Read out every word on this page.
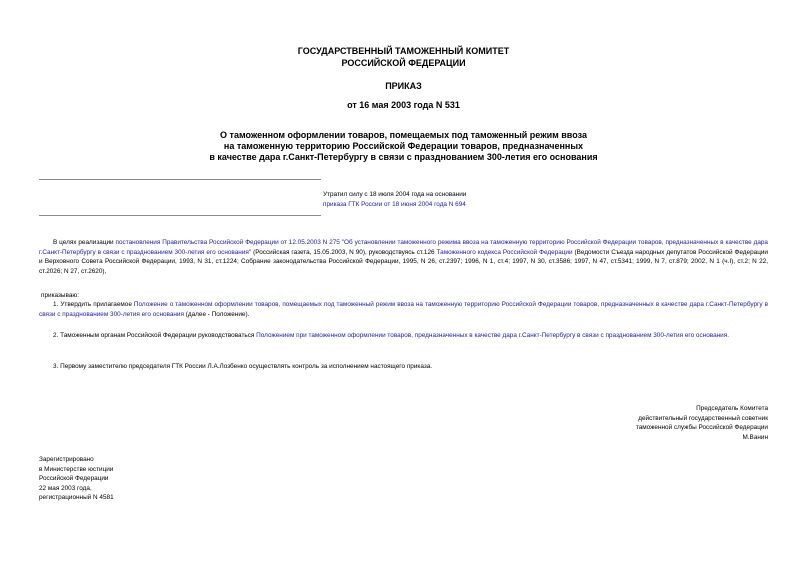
ГОСУДАРСТВЕННЫЙ ТАМОЖЕННЫЙ КОМИТЕТ
РОССИЙСКОЙ ФЕДЕРАЦИИ
ПРИКАЗ
от 16 мая 2003 года N 531
О таможенном оформлении товаров, помещаемых под таможенный режим ввоза
на таможенную территорию Российской Федерации товаров, предназначенных
в качестве дара г.Санкт-Петербургу в связи с празднованием 300-летия его основания
Утратил силу с 18 июля 2004 года на основании
приказа ГТК России от 18 июня 2004 года N 694
В целях реализации постановления Правительства Российской Федерации от 12.05.2003 N 275 "Об установлении таможенного режима ввоза на таможенную территорию Российской Федерации товаров, предназначенных в качестве дара г.Санкт-Петербургу в связи с празднованием 300-летия его основания" (Российская газета, 15.05.2003, N 90), руководствуясь ст.126 Таможенного кодекса Российской Федерации (Ведомости Съезда народных депутатов Российской Федерации и Верховного Совета Российской Федерации, 1993, N 31, ст.1224; Собрание законодательства Российской Федерации, 1995, N 26, ст.2397; 1996, N 1, ст.4; 1997, N 30, ст.3586; 1997, N 47, ст.5341; 1999, N 7, ст.879; 2002, N 1 (ч.I), ст.2; N 22, ст.2026; N 27, ст.2620),
приказываю:
1. Утвердить прилагаемое Положение о таможенном оформлении товаров, помещаемых под таможенный режим ввоза на таможенную территорию Российской Федерации товаров, предназначенных в качестве дара г.Санкт-Петербургу в связи с празднованием 300-летия его основания (далее - Положение).
2. Таможенным органам Российской Федерации руководствоваться Положением при таможенном оформлении товаров, предназначенных в качестве дара г.Санкт-Петербургу в связи с празднованием 300-летия его основания.
3. Первому заместителю председателя ГТК России Л.А.Лозбенко осуществлять контроль за исполнением настоящего приказа.
Председатель Комитета
действительный государственный советник
таможенной службы Российской Федерации
М.Ванин
Зарегистрировано
в Министерстве юстиции
Российской Федерации
22 мая 2003 года,
регистрационный N 4581
